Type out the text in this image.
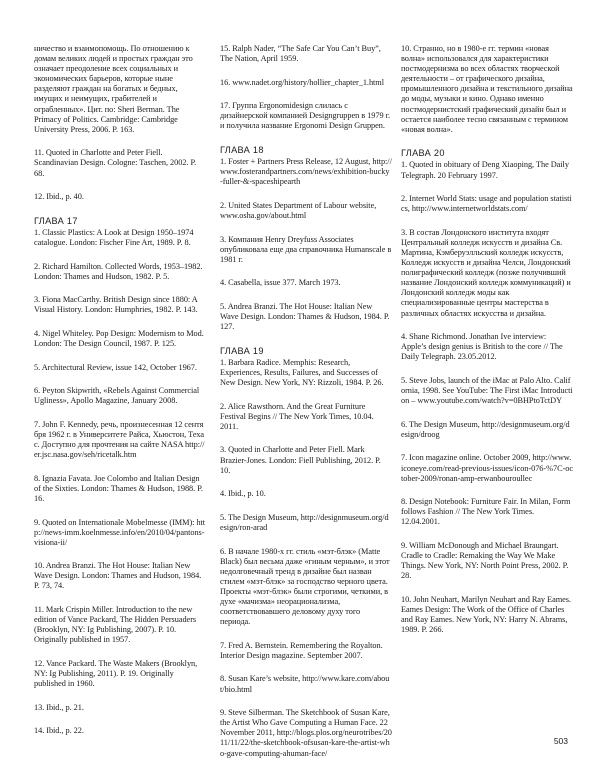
ничество и взаимопомощь. По отношению к домам великих людей и простых граждан это означает преодоление всех социальных и экономических барьеров, которые ныне разделяют граждан на богатых и бедных, имущих и неимущих, грабителей и ограбленных». Цит. по: Sheri Berman. The Primacy of Politics. Cambridge: Cambridge University Press, 2006. P. 163.

11. Quoted in Charlotte and Peter Fiell. Scandinavian Design. Cologne: Taschen, 2002. P. 68.

12. Ibid., p. 40.

ГЛАВА 17

1. Classic Plastics: A Look at Design 1950–1974 catalogue. London: Fischer Fine Art, 1989. P. 8.

2. Richard Hamilton. Collected Words, 1953–1982. London: Thames and Hudson, 1982. P. 5.

3. Fiona MacCarthy. British Design since 1880: A Visual History. London: Humphries, 1982. P. 143.

4. Nigel Whiteley. Pop Design: Modernism to Mod. London: The Design Council, 1987. P. 125.

5. Architectural Review, issue 142, October 1967.

6. Peyton Skipwrith, «Rebels Against Commercial Ugliness», Apollo Magazine, January 2008.

7. John F. Kennedy, речь, произнесенная 12 сентября 1962 г. в Университете Райса, Хьюстон, Техас. Доступно для прочтения на сайте NASA http://er.jsc.nasa.gov/seh/ricetalk.htm

8. Ignazia Favata. Joe Colombo and Italian Design of the Sixties. London: Thames & Hudson, 1988. P. 16.

9. Quoted on Internationale Mobelmesse (IMM): http://news-imm.koelnmesse.info/en/2010/04/pantons-visiona-ii/

10. Andrea Branzi. The Hot House: Italian New Wave Design. London: Thames and Hudson, 1984. P. 73, 74.

11. Mark Crispin Miller. Introduction to the new edition of Vance Packard, The Hidden Persuaders (Brooklyn, NY: Ig Publishing, 2007). P. 10. Originally published in 1957.

12. Vance Packard. The Waste Makers (Brooklyn, NY: Ig Publishing, 2011). P. 19. Originally published in 1960.

13. Ibid., p. 21.

14. Ibid., p. 22.

15. Ralph Nader, “The Safe Car You Can’t Buy”, The Nation, April 1959.

16. www.nadet.org/history/hollier_chapter_1.html

17. Группа Ergonomidesign слилась с дизайнерской компанией Designgruppen в 1979 г. и получила название Ergonomi Design Gruppen.

ГЛАВА 18

1. Foster + Partners Press Release, 12 August, http://www.fosterandpartners.com/news/exhibition-bucky-fuller-&-spaceshipearth

2. United States Department of Labour website, www.osha.gov/about.html

3. Компания Henry Dreyfuss Associates опубликовала еще два справочника Humanscale в 1981 г.

4. Casabella, issue 377. March 1973.

5. Andrea Branzi. The Hot House: Italian New Wave Design. London: Thames & Hudson, 1984. P. 127.

ГЛАВА 19

1. Barbara Radice. Memphis: Research, Experiences, Results, Failures, and Successes of New Design. New York, NY: Rizzoli, 1984. P. 26.

2. Alice Rawsthorn. And the Great Furniture Festival Begins // The New York Times, 10.04. 2011.

3. Quoted in Charlotte and Peter Fiell. Mark Brazier-Jones. London: Fiell Publishing, 2012. P. 10.

4. Ibid., p. 10.

5. The Design Museum, http://designmuseum.org/design/ron-arad

6. В начале 1980-х гг. стиль «мэт-блэк» (Matte Black) был весьма даже «гиным черным», и этот недолговечный тренд в дизайне был назван стилем «мэт-блэк» за господство черного цвета. Проекты «мэт-блэк» были строгими, четкими, в духе «мачизма» неорационализма, соответствовавшего деловому духу того периода.

7. Fred A. Bernstein. Remembering the Royalton. Interior Design magazine. September 2007.

8. Susan Kare’s website, http://www.kare.com/about/bio.html

9. Steve Silberman. The Sketchbook of Susan Kare, the Artist Who Gave Computing a Human Face. 22 November 2011, http://blogs.plos.org/neurotribes/2011/11/22/the-sketchbook-ofsusan-kare-the-artist-who-gave-computing-ahuman-face/

10. Странно, но в 1980-е гг. термин «новая волна» использовался для характеристики постмодернизма во всех областях творческой деятельности – от графического дизайна, промышленного дизайна и текстильного дизайна до моды, музыки и кино. Однако именно постмодернистский графический дизайн был и остается наиболее тесно связанным с термином «новая волна».

ГЛАВА 20

1. Quoted in obituary of Deng Xiaoping, The Daily Telegraph. 20 February 1997.

2. Internet World Stats: usage and population statistics, http://www.internetworldstats.com/

3. В состав Лондонского института входят Центральный колледж искусств и дизайна Св. Мартина, Кэмберуэлльский колледж искусств, Колледж искусств и дизайна Челси, Лондонский полиграфический колледж (позже получивший название Лондонский колледж коммуникаций) и Лондонский колледж моды как специализированные центры мастерства в различных областях искусства и дизайна.

4. Shane Richmond. Jonathan Ive interview: Apple’s design genius is British to the core // The Daily Telegraph. 23.05.2012.

5. Steve Jobs, launch of the iMac at Palo Alto. California, 1998. See YouTube: The First iMac Introduction – www.youtube.com/watch?v=0BHPtoTctDY

6. The Design Museum, http://designmuseum.org/design/droog

7. Icon magazine online. October 2009, http://www.iconeye.com/read-previous-issues/icon-076-%7C-october-2009/ronan-amp-erwanbouroullec

8. Design Notebook: Furniture Fair. In Milan, Form follows Fashion // The New York Times. 12.04.2001.

9. William McDonough and Michael Braungart. Cradle to Cradle: Remaking the Way We Make Things. New York, NY: North Point Press, 2002. P. 28.

10. John Neuhart, Marilyn Neuhart and Ray Eames. Eames Design: The Work of the Office of Charles and Ray Eames. New York, NY: Harry N. Abrams, 1989. P. 266.

503
